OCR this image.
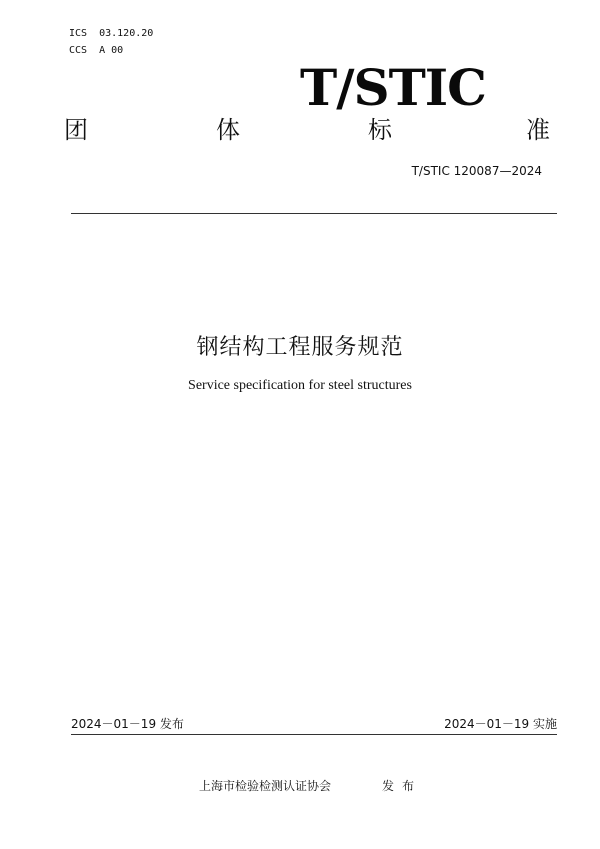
ICS  03.120.20
CCS  A 00
T/STIC
团	体	标	准
T/STIC 120087—2024
钢结构工程服务规范
Service specification for steel structures
2024－01－19 发布	2024－01－19 实施
上海市检验检测认证协会	发布
